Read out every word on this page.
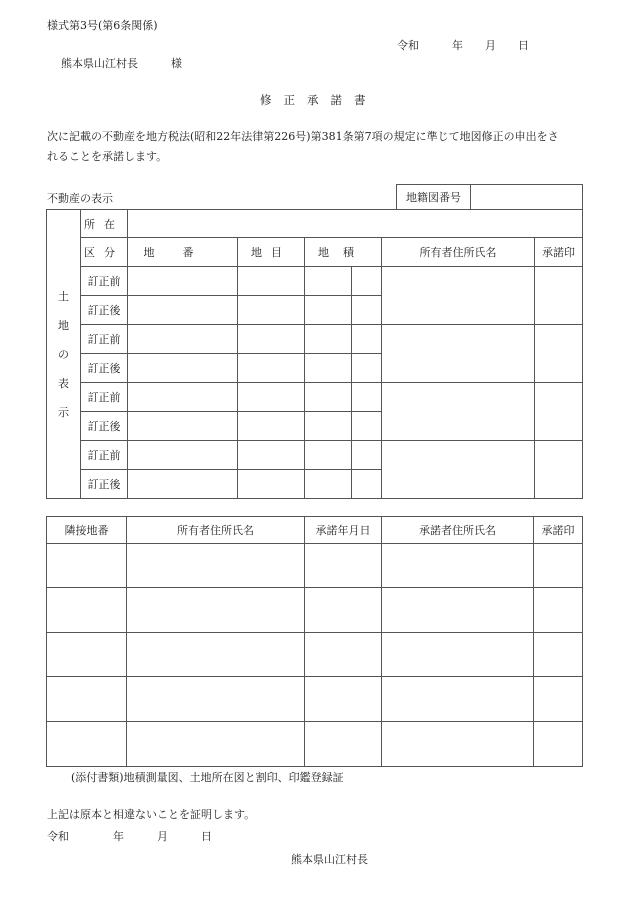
様式第3号(第6条関係)
令和　　　年　　月　　日
熊本県山江村長　　　様
修正承諾書
次に記載の不動産を地方税法(昭和22年法律第226号)第381条第7項の規定に準じて地図修正の申出をさ
れることを承諾します。
不動産の表示	地籍図番号	
土地の表示	所在						
	区分	地番	地目	地積		所有者住所氏名	承諾印
	訂正前						
	訂正後						
	訂正前						
	訂正後						
	訂正前						
	訂正後						
	訂正前						
	訂正後						
隣接地番	所有者住所氏名	承諾年月日	承諾者住所氏名	承諾印

(添付書類)地積測量図、土地所在図と割印、印鑑登録証
上記は原本と相違ないことを証明します。
令和　　　　年　　　月　　　日
熊本県山江村長
